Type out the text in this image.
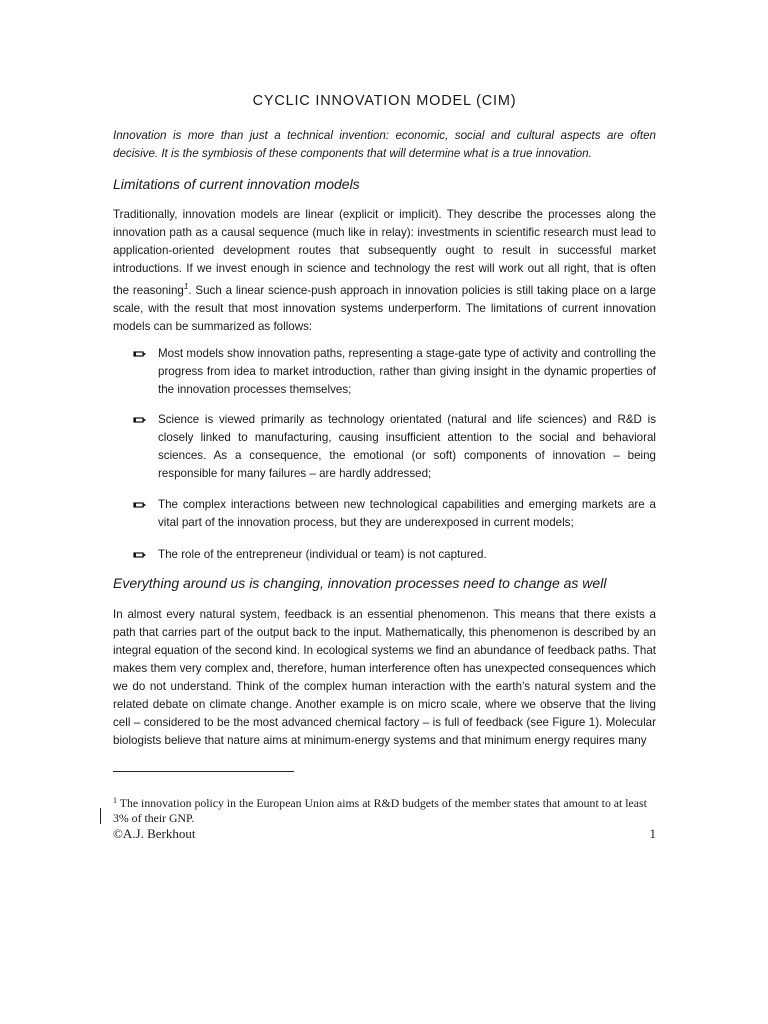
CYCLIC INNOVATION MODEL (CIM)
Innovation is more than just a technical invention: economic, social and cultural aspects are often decisive. It is the symbiosis of these components that will determine what is a true innovation.
Limitations of current innovation models
Traditionally, innovation models are linear (explicit or implicit). They describe the processes along the innovation path as a causal sequence (much like in relay): investments in scientific research must lead to application-oriented development routes that subsequently ought to result in successful market introductions. If we invest enough in science and technology the rest will work out all right, that is often the reasoning$^1$. Such a linear science-push approach in innovation policies is still taking place on a large scale, with the result that most innovation systems underperform. The limitations of current innovation models can be summarized as follows:
Most models show innovation paths, representing a stage-gate type of activity and controlling the progress from idea to market introduction, rather than giving insight in the dynamic properties of the innovation processes themselves;
Science is viewed primarily as technology orientated (natural and life sciences) and R&D is closely linked to manufacturing, causing insufficient attention to the social and behavioral sciences. As a consequence, the emotional (or soft) components of innovation – being responsible for many failures – are hardly addressed;
The complex interactions between new technological capabilities and emerging markets are a vital part of the innovation process, but they are underexposed in current models;
The role of the entrepreneur (individual or team) is not captured.
Everything around us is changing, innovation processes need to change as well
In almost every natural system, feedback is an essential phenomenon. This means that there exists a path that carries part of the output back to the input. Mathematically, this phenomenon is described by an integral equation of the second kind. In ecological systems we find an abundance of feedback paths. That makes them very complex and, therefore, human interference often has unexpected consequences which we do not understand. Think of the complex human interaction with the earth's natural system and the related debate on climate change. Another example is on micro scale, where we observe that the living cell – considered to be the most advanced chemical factory – is full of feedback (see Figure 1). Molecular biologists believe that nature aims at minimum-energy systems and that minimum energy requires many
$^1$ The innovation policy in the European Union aims at R&D budgets of the member states that amount to at least 3% of their GNP.
©A.J. Berkhout	1
